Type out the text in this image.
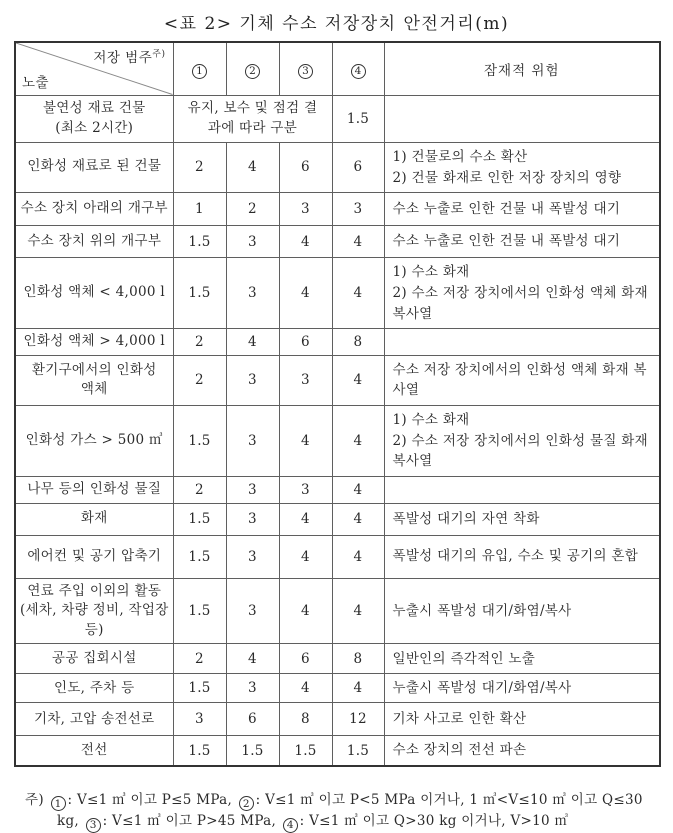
<표 2> 기체 수소 저장장치 안전거리(m)
저장 범주$^{주)}$
노출	1	2	3	4	잠재적 위험

불연성 재료 건물
(최소 2시간)	유지, 보수 및 점검 결과에 따라 구분			1.5	

인화성 재료로 된 건물	2	4	6	6	1) 건물로의 수소 확산
2) 건물 화재로 인한 저장 장치의 영향

수소 장치 아래의 개구부	1	2	3	3	수소 누출로 인한 건물 내 폭발성 대기

수소 장치 위의 개구부	1.5	3	4	4	수소 누출로 인한 건물 내 폭발성 대기

인화성 액체 < 4,000 l	1.5	3	4	4	1) 수소 화재
2) 수소 저장 장치에서의 인화성 액체 화재 복사열

인화성 액체 > 4,000 l	2	4	6	8	

환기구에서의 인화성
액체	2	3	3	4	수소 저장 장치에서의 인화성 액체 화재 복사열

인화성 가스 > 500 ㎥	1.5	3	4	4	1) 수소 화재
2) 수소 저장 장치에서의 인화성 물질 화재 복사열

나무 등의 인화성 물질	2	3	3	4	

화재	1.5	3	4	4	폭발성 대기의 자연 착화

에어컨 및 공기 압축기	1.5	3	4	4	폭발성 대기의 유입, 수소 및 공기의 혼합

연료 주입 이외의 활동
(세차, 차량 정비, 작업장 등)	1.5	3	4	4	누출시 폭발성 대기/화염/복사

공공 집회시설	2	4	6	8	일반인의 즉각적인 노출

인도, 주차 등	1.5	3	4	4	누출시 폭발성 대기/화염/복사

기차, 고압 송전선로	3	6	8	12	기차 사고로 인한 확산

전선	1.5	1.5	1.5	1.5	수소 장치의 전선 파손
주) 1 : V≤1 ㎥ 이고 P≤5 MPa, 2 : V≤1 ㎥ 이고 P<5 MPa 이거나, 1 ㎥<V≤10 ㎥ 이고 Q≤30 kg, 3 : V≤1 ㎥ 이고 P>45 MPa, 4 : V≤1 ㎥ 이고 Q>30 kg 이거나, V>10 ㎥
